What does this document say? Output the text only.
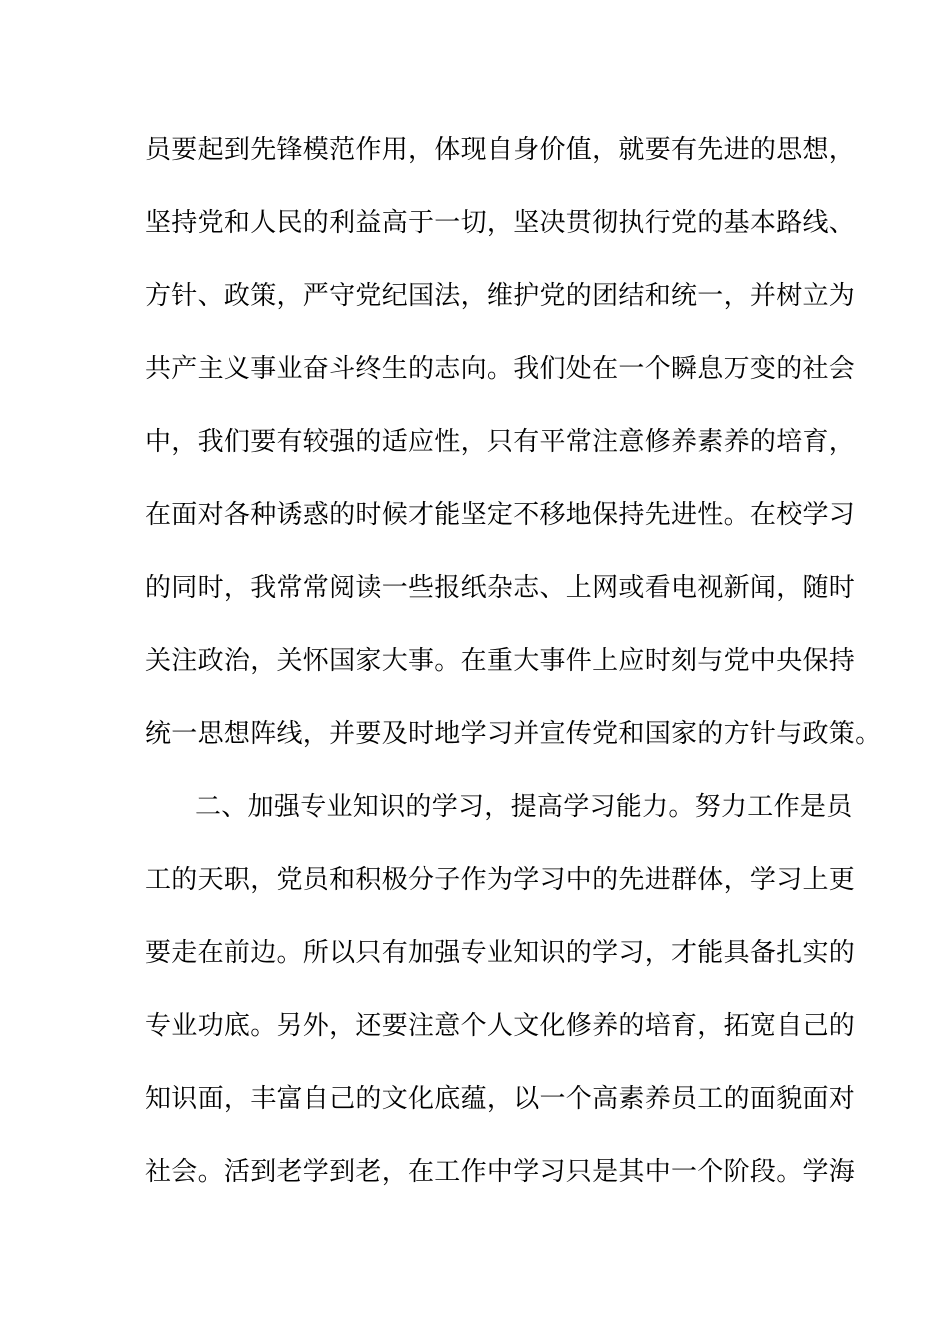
员要起到先锋模范作用，体现自身价值，就要有先进的思想，
坚持党和人民的利益高于一切，坚决贯彻执行党的基本路线、
方针、政策，严守党纪国法，维护党的团结和统一，并树立为
共产主义事业奋斗终生的志向。我们处在一个瞬息万变的社会
中，我们要有较强的适应性，只有平常注意修养素养的培育，
在面对各种诱惑的时候才能坚定不移地保持先进性。在校学习
的同时，我常常阅读一些报纸杂志、上网或看电视新闻，随时
关注政治，关怀国家大事。在重大事件上应时刻与党中央保持
统一思想阵线，并要及时地学习并宣传党和国家的方针与政策。
二、加强专业知识的学习，提高学习能力。努力工作是员
工的天职，党员和积极分子作为学习中的先进群体，学习上更
要走在前边。所以只有加强专业知识的学习，才能具备扎实的
专业功底。另外，还要注意个人文化修养的培育，拓宽自己的
知识面，丰富自己的文化底蕴，以一个高素养员工的面貌面对
社会。活到老学到老，在工作中学习只是其中一个阶段。学海
